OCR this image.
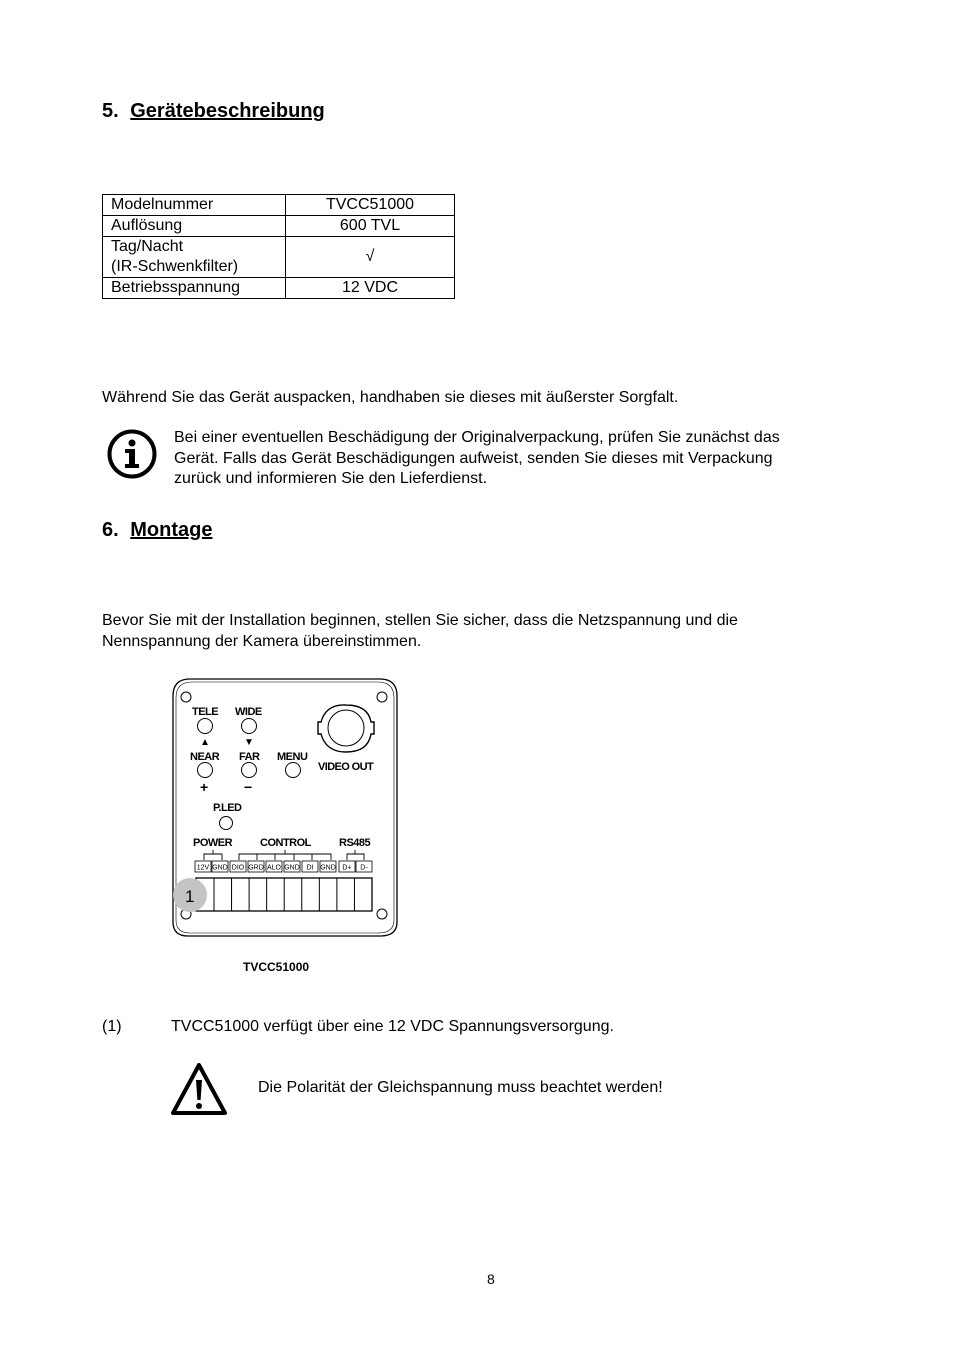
5. Gerätebeschreibung
Modelnummer	TVCC51000
Auflösung	600 TVL

Tag/Nacht
(IR-Schwenkfilter)	√
Betriebsspannung	12 VDC
Während Sie das Gerät auspacken, handhaben sie dieses mit äußerster Sorgfalt.
Bei einer eventuellen Beschädigung der Originalverpackung, prüfen Sie zunächst das
Gerät. Falls das Gerät Beschädigungen aufweist, senden Sie dieses mit Verpackung
zurück und informieren Sie den Lieferdienst.
6. Montage
Bevor Sie mit der Installation beginnen, stellen Sie sicher, dass die Netzspannung und die
Nennspannung der Kamera übereinstimmen.
TELE WIDE
▲	▼
NEAR FAR MENU
+	−
VIDEO OUT
P.LED
POWER	CONTROL	RS485
12V GND DIO GRD ALO GND DI GND D+ D-
1
TVCC51000
(1)	TVCC51000 verfügt über eine 12 VDC Spannungsversorgung.
Die Polarität der Gleichspannung muss beachtet werden!
8
